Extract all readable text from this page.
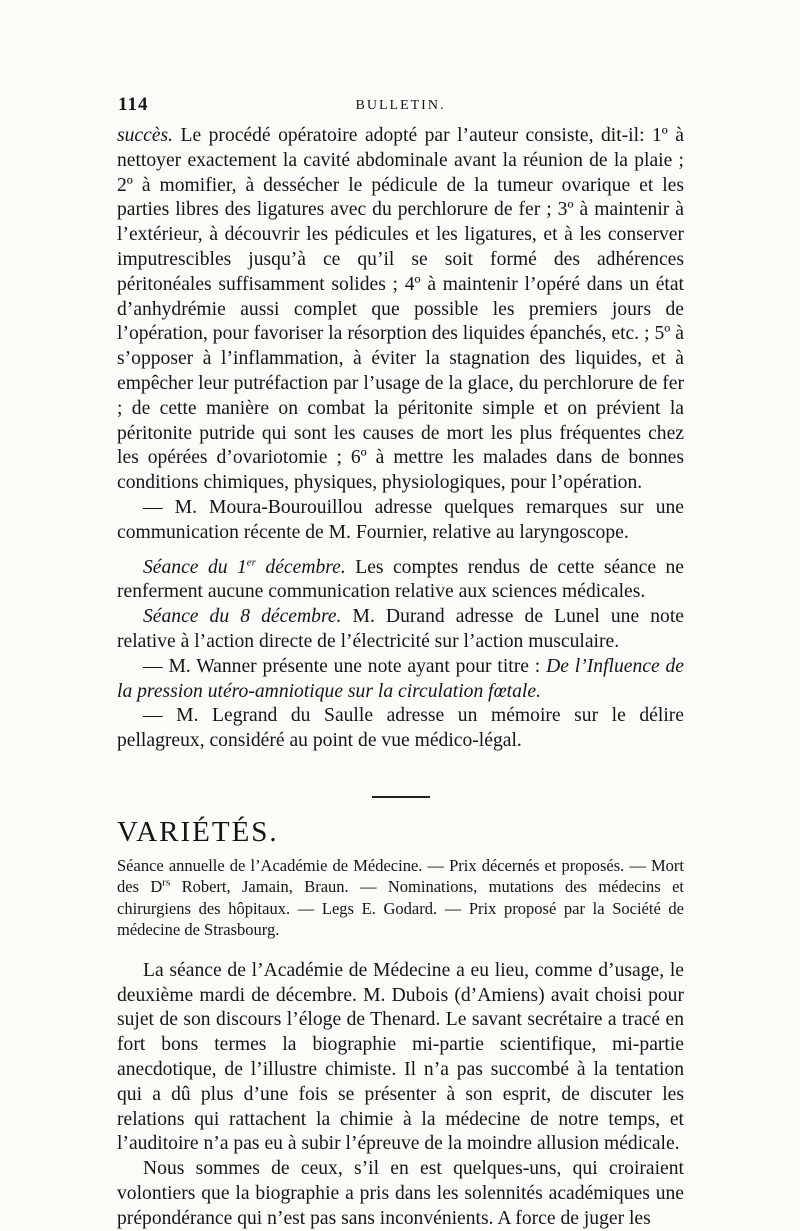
114	BULLETIN.

succès. Le procédé opératoire adopté par l’auteur consiste, dit-il: 1º à nettoyer exactement la cavité abdominale avant la réunion de la plaie ; 2º à momifier, à dessécher le pédicule de la tumeur ovarique et les parties libres des ligatures avec du perchlorure de fer ; 3º à maintenir à l’extérieur, à découvrir les pédicules et les ligatures, et à les conserver imputrescibles jusqu’à ce qu’il se soit formé des adhérences péritonéales suffisamment solides ; 4º à maintenir l’opéré dans un état d’anhydrémie aussi complet que possible les premiers jours de l’opération, pour favoriser la résorption des liquides épanchés, etc. ; 5º à s’opposer à l’inflammation, à éviter la stagnation des liquides, et à empêcher leur putréfaction par l’usage de la glace, du perchlorure de fer ; de cette manière on combat la péritonite simple et on prévient la péritonite putride qui sont les causes de mort les plus fréquentes chez les opérées d’ovariotomie ; 6º à mettre les malades dans de bonnes conditions chimiques, physiques, physiologiques, pour l’opération.

— M. Moura-Bourouillou adresse quelques remarques sur une communication récente de M. Fournier, relative au laryngoscope.

Séance du 1er décembre. Les comptes rendus de cette séance ne renferment aucune communication relative aux sciences médicales.

Séance du 8 décembre. M. Durand adresse de Lunel une note relative à l’action directe de l’électricité sur l’action musculaire.

— M. Wanner présente une note ayant pour titre : De l’Influence de la pression utéro-amniotique sur la circulation fœtale.

— M. Legrand du Saulle adresse un mémoire sur le délire pellagreux, considéré au point de vue médico-légal.

VARIÉTÉS.

Séance annuelle de l’Académie de Médecine. — Prix décernés et proposés. — Mort des $D^{rs}$ Robert, Jamain, Braun. — Nominations, mutations des médecins et chirurgiens des hôpitaux. — Legs E. Godard. — Prix proposé par la Société de médecine de Strasbourg.

La séance de l’Académie de Médecine a eu lieu, comme d’usage, le deuxième mardi de décembre. M. Dubois (d’Amiens) avait choisi pour sujet de son discours l’éloge de Thenard. Le savant secrétaire a tracé en fort bons termes la biographie mi-partie scientifique, mi-partie anecdotique, de l’illustre chimiste. Il n’a pas succombé à la tentation qui a dû plus d’une fois se présenter à son esprit, de discuter les relations qui rattachent la chimie à la médecine de notre temps, et l’auditoire n’a pas eu à subir l’épreuve de la moindre allusion médicale.

Nous sommes de ceux, s’il en est quelques-uns, qui croiraient volontiers que la biographie a pris dans les solennités académiques une prépondérance qui n’est pas sans inconvénients. A force de juger les
